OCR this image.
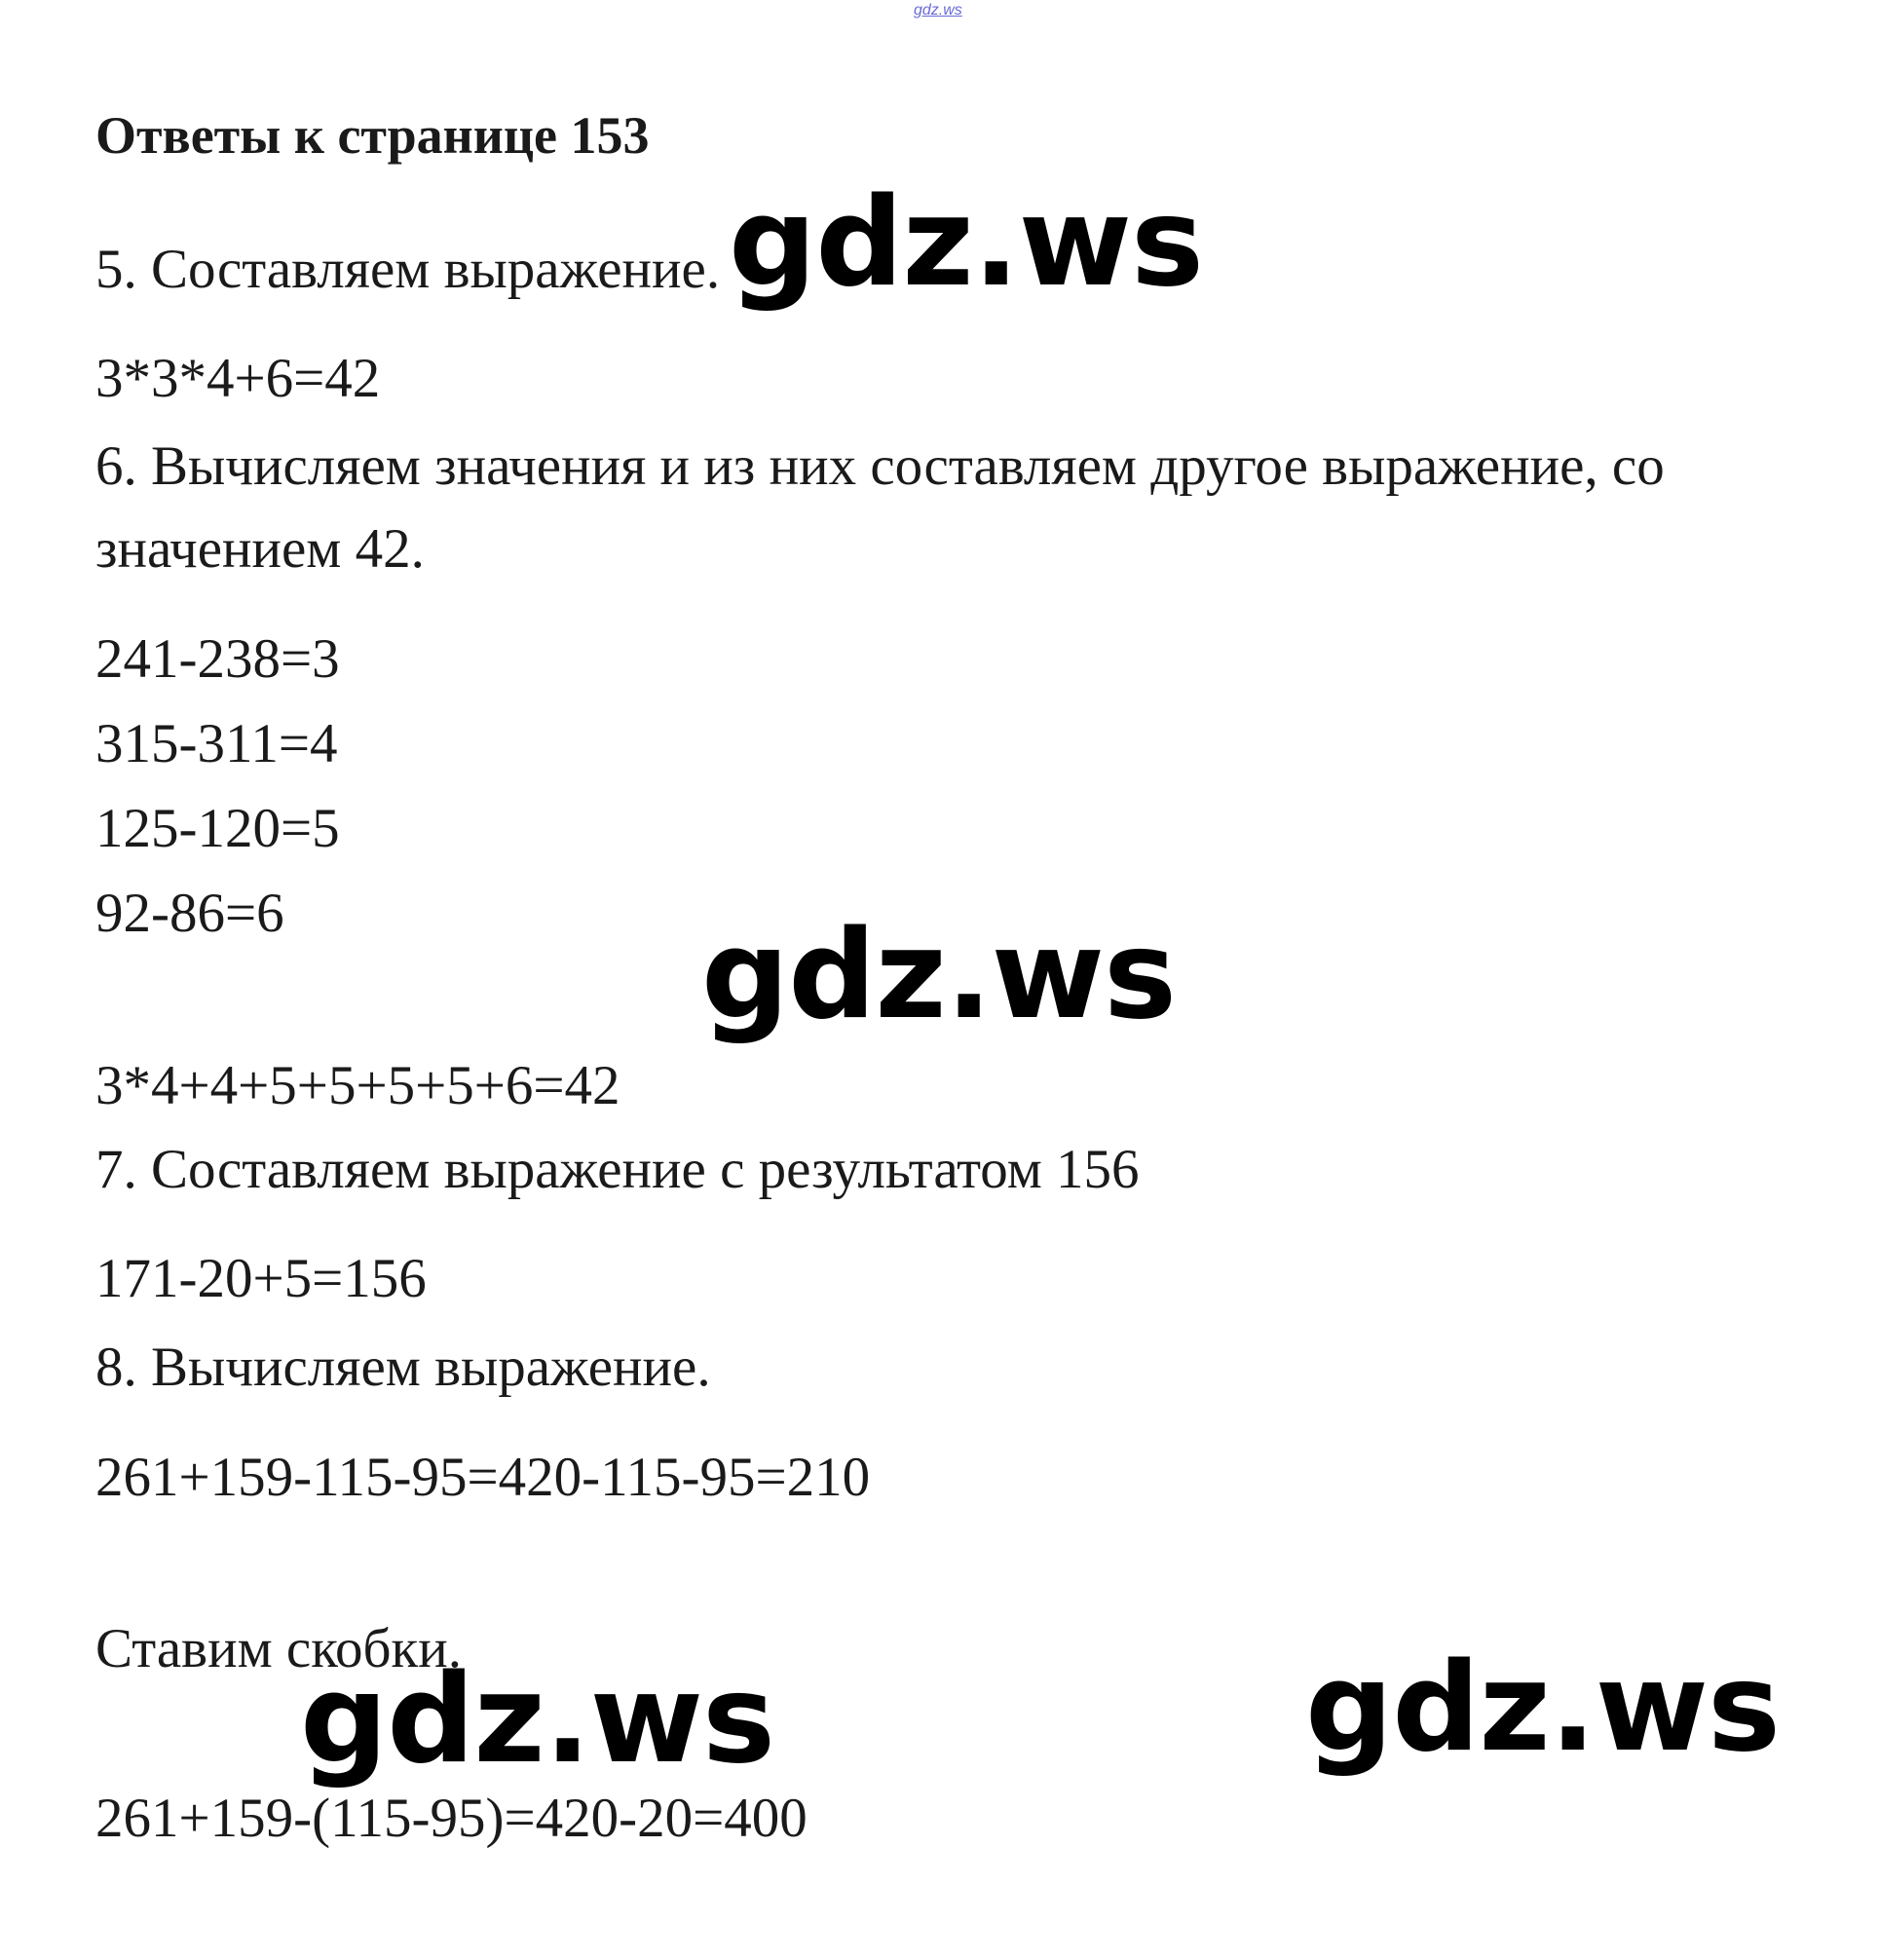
gdz.ws
Ответы к странице 153
5. Составляем выражение.
3*3*4+6=42
6. Вычисляем значения и из них составляем другое выражение, со
значением 42.
241-238=3
315-311=4
125-120=5
92-86=6
3*4+4+5+5+5+5+6=42
7. Составляем выражение с результатом 156
171-20+5=156
8. Вычисляем выражение.
261+159-115-95=420-115-95=210
Ставим скобки.
261+159-(115-95)=420-20=400
gdz.ws
gdz.ws
gdz.ws	gdz.ws
